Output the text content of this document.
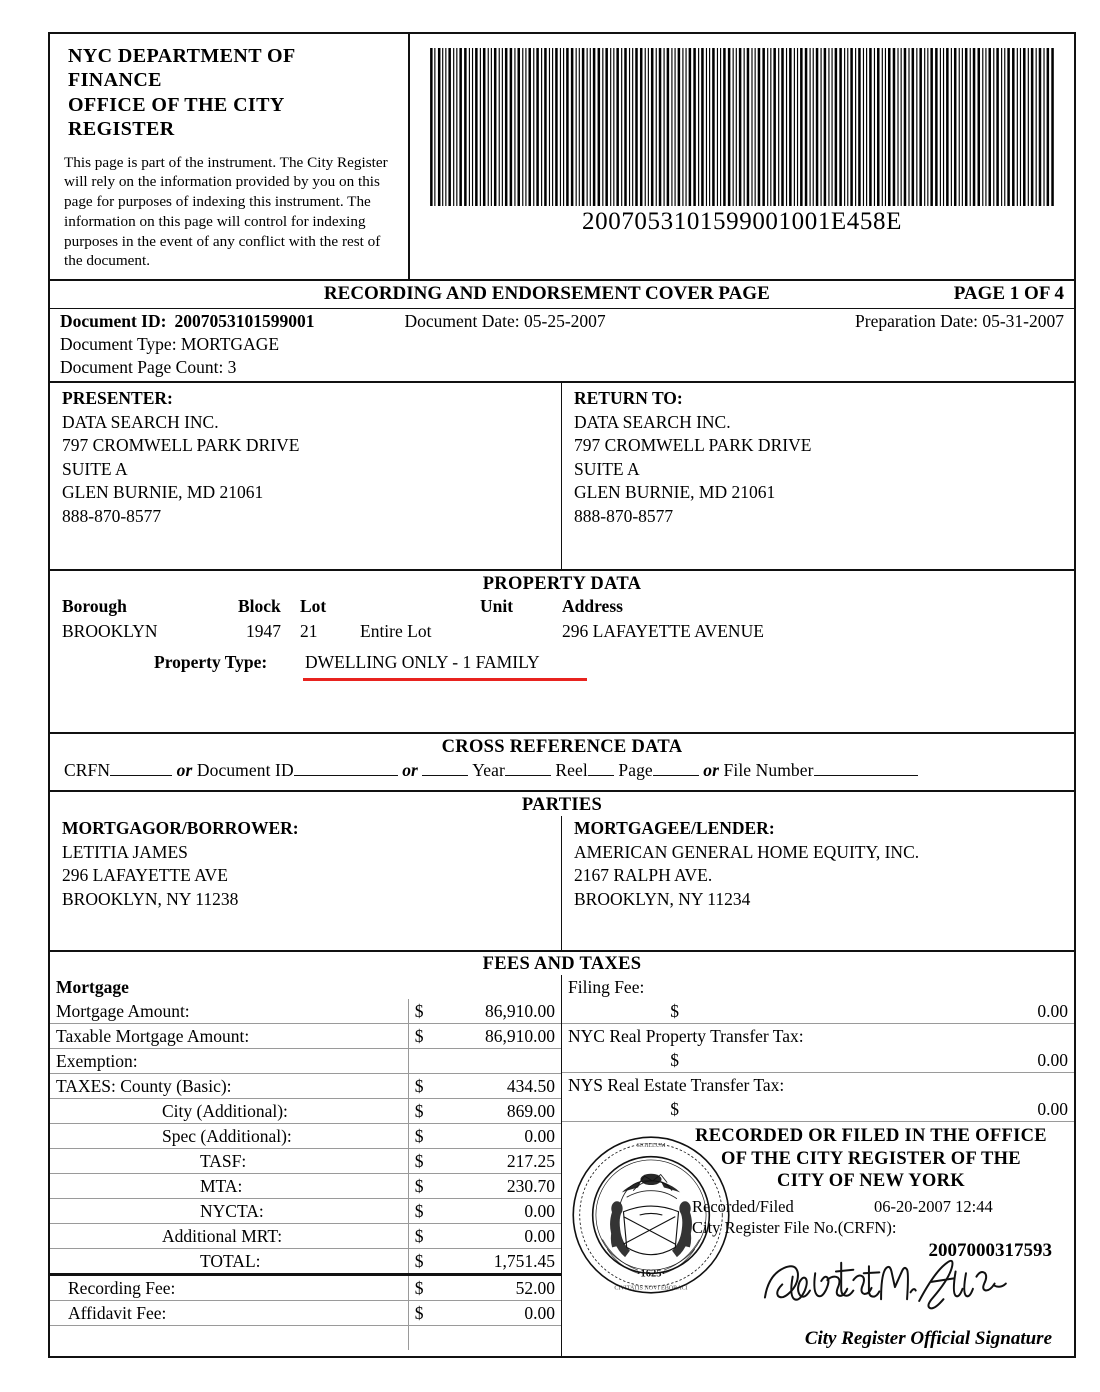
NYC DEPARTMENT OF FINANCE
OFFICE OF THE CITY REGISTER
This page is part of the instrument. The City Register will rely on the information provided by you on this page for purposes of indexing this instrument. The information on this page will control for indexing purposes in the event of any conflict with the rest of the document.
2007053101599001001E458E
RECORDING AND ENDORSEMENT COVER PAGE	PAGE 1 OF 4
Document ID: 2007053101599001	Document Date: 05-25-2007	Preparation Date: 05-31-2007
Document Type: MORTGAGE
Document Page Count: 3
PRESENTER:
DATA SEARCH INC.
797 CROMWELL PARK DRIVE
SUITE A
GLEN BURNIE, MD 21061
888-870-8577
RETURN TO:
DATA SEARCH INC.
797 CROMWELL PARK DRIVE
SUITE A
GLEN BURNIE, MD 21061
888-870-8577
PROPERTY DATA
Borough	Block Lot	Unit	Address
BROOKLYN	1947 21 Entire Lot	296 LAFAYETTE AVENUE
Property Type: DWELLING ONLY - 1 FAMILY
CROSS REFERENCE DATA
CRFN	or Document ID	or	Year	Reel Page	or File Number
PARTIES
MORTGAGOR/BORROWER:
LETITIA JAMES
296 LAFAYETTE AVE
BROOKLYN, NY 11238
MORTGAGEE/LENDER:
AMERICAN GENERAL HOME EQUITY, INC.
2167 RALPH AVE.
BROOKLYN, NY 11234
FEES AND TAXES
Mortgage		
Mortgage Amount:	$	86,910.00
Taxable Mortgage Amount:	$	86,910.00
Exemption:		
TAXES: County (Basic):	$	434.50
City (Additional):	$	869.00
Spec (Additional):	$	0.00
TASF:	$	217.25
MTA:	$	230.70
NYCTA:	$	0.00
Additional MRT:	$	0.00
TOTAL:	$	1,751.45
Recording Fee:	$	52.00
Affidavit Fee:	$	0.00

Filing Fee:	
$	0.00
NYC Real Property Transfer Tax:	
$	0.00
NYS Real Estate Transfer Tax:	
$	0.00
·1625·
SIGILLUM
CIVITATIS NOVI EBORACI
RECORDED OR FILED IN THE OFFICE
OF THE CITY REGISTER OF THE
CITY OF NEW YORK
Recorded/Filed	06-20-2007 12:44
City Register File No.(CRFN):
2007000317593
City Register Official Signature
